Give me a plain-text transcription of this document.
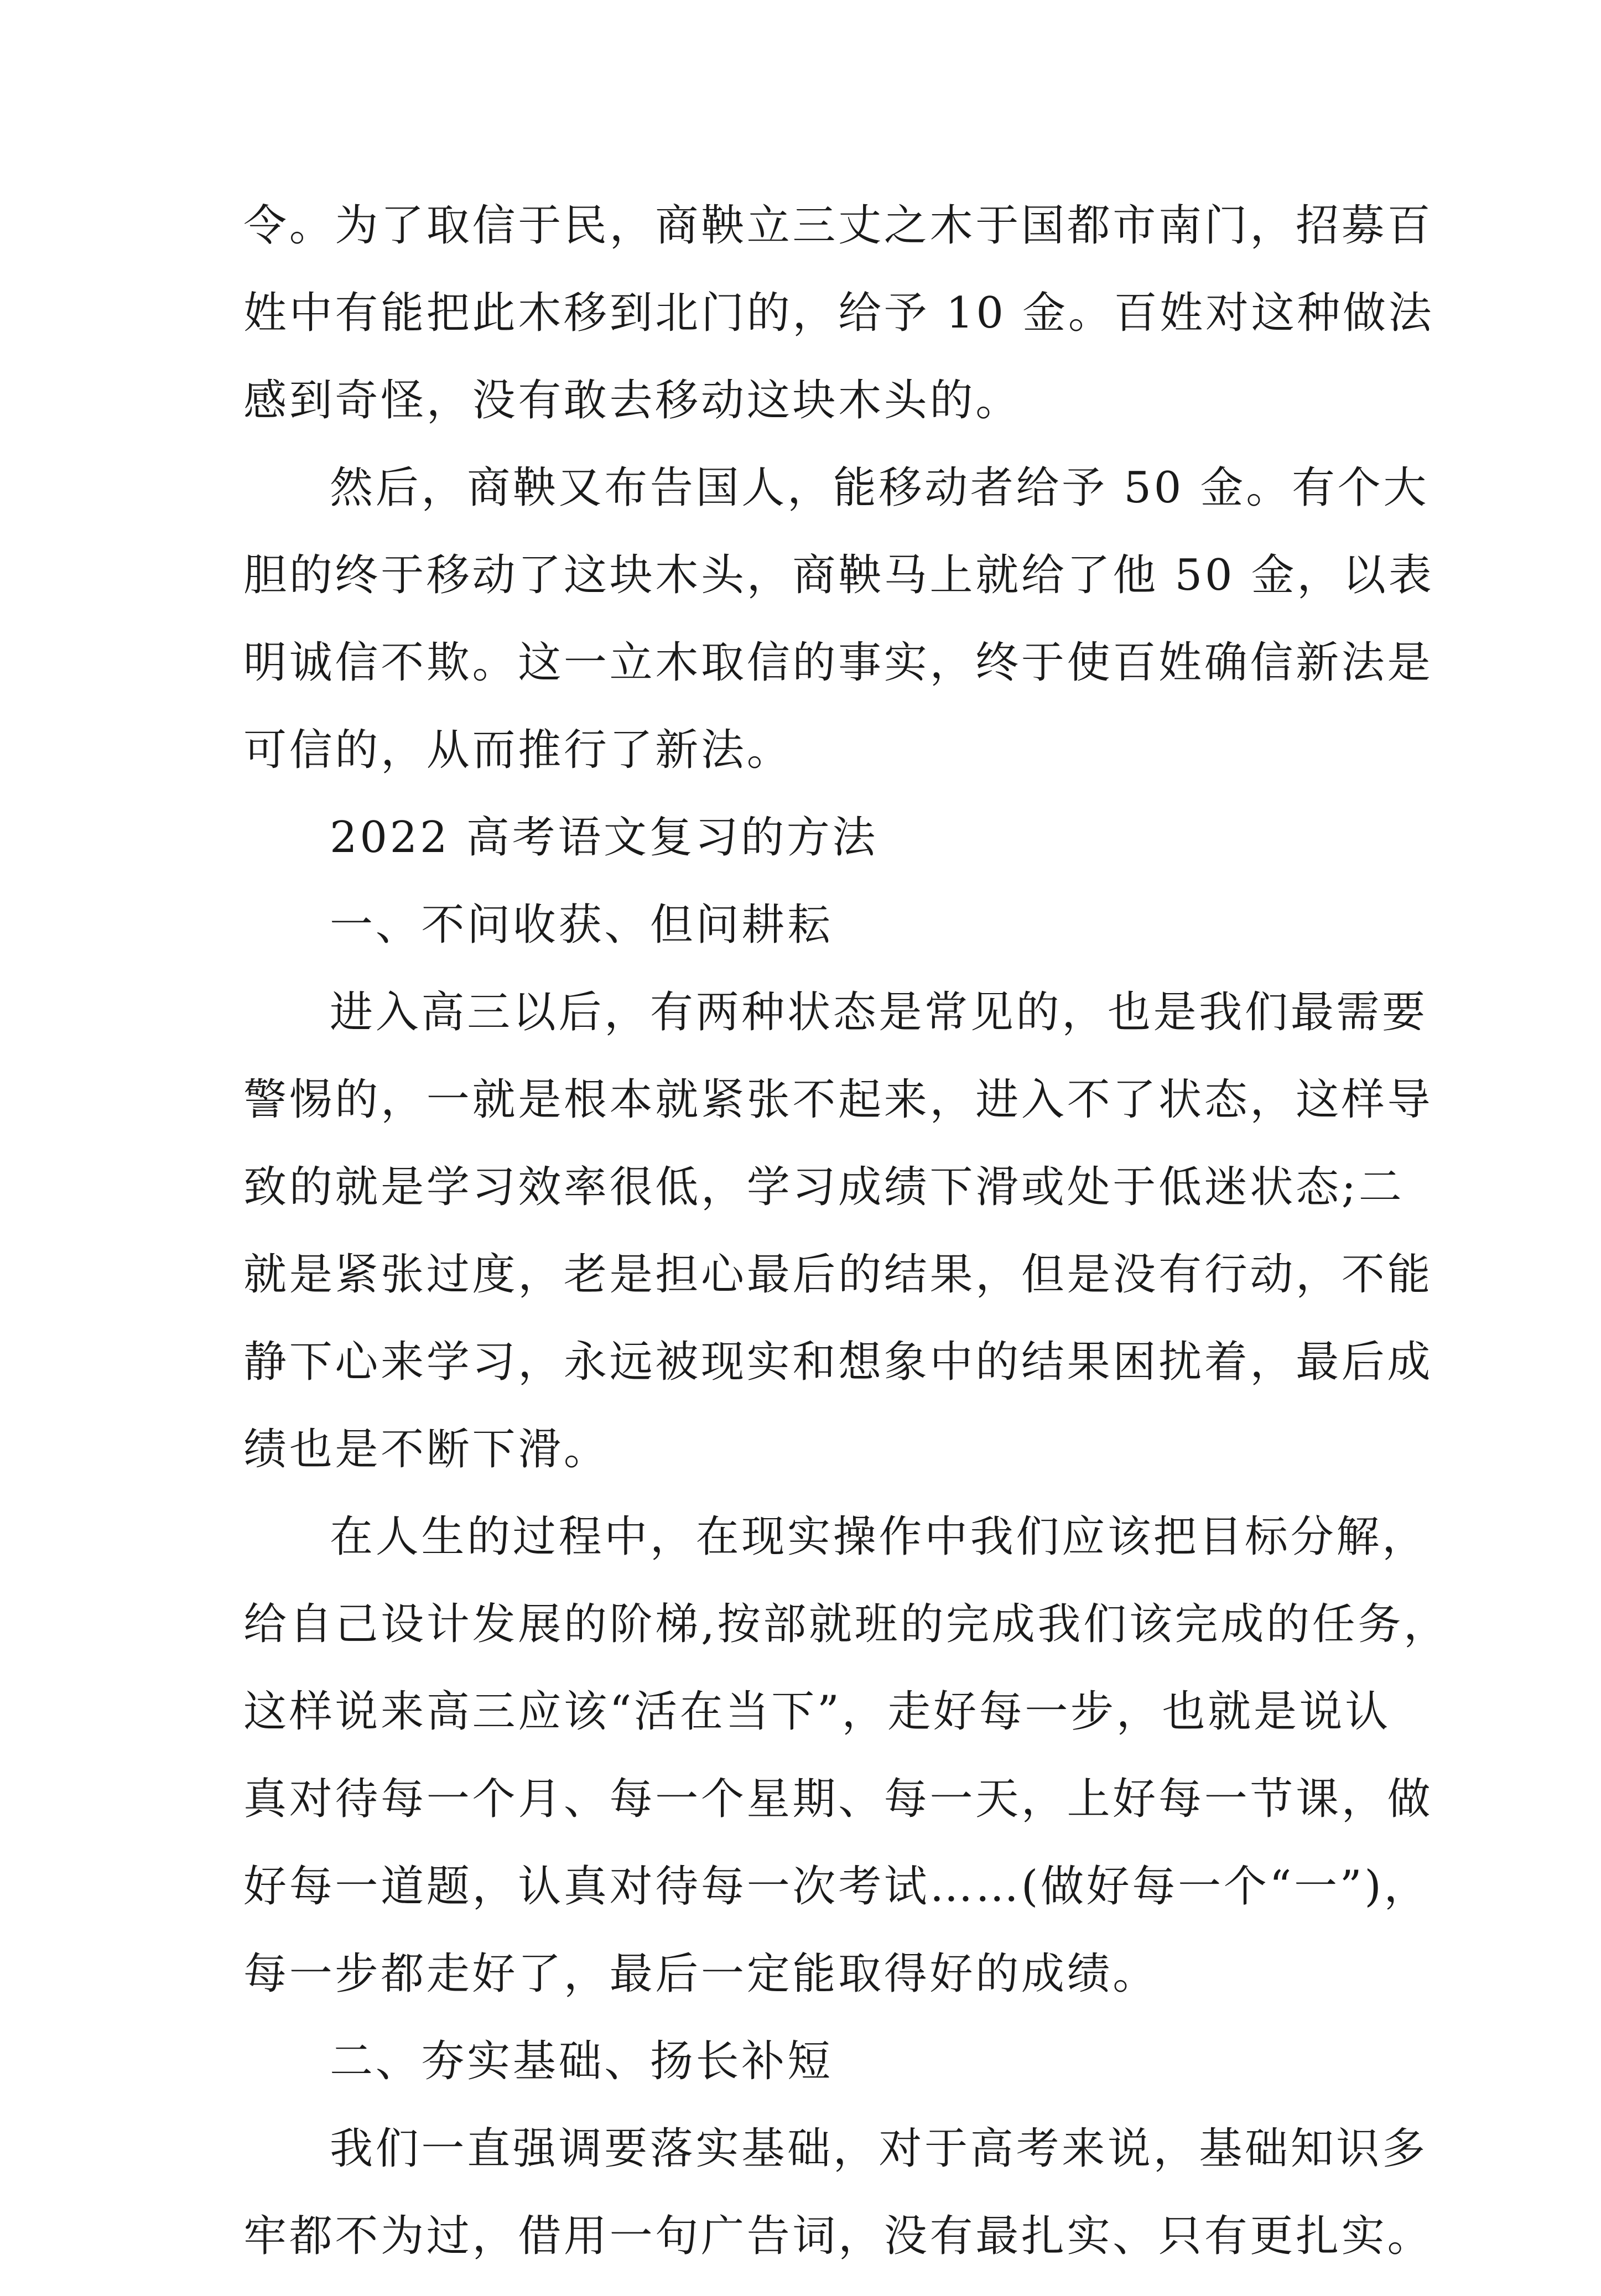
令。为了取信于民，商鞅立三丈之木于国都市南门，招募百
姓中有能把此木移到北门的，给予 10 金。百姓对这种做法
感到奇怪，没有敢去移动这块木头的。
然后，商鞅又布告国人，能移动者给予 50 金。有个大
胆的终于移动了这块木头，商鞅马上就给了他 50 金，以表
明诚信不欺。这一立木取信的事实，终于使百姓确信新法是
可信的，从而推行了新法。
2022 高考语文复习的方法
一、不问收获、但问耕耘
进入高三以后，有两种状态是常见的，也是我们最需要
警惕的，一就是根本就紧张不起来，进入不了状态，这样导
致的就是学习效率很低，学习成绩下滑或处于低迷状态;二
就是紧张过度，老是担心最后的结果，但是没有行动，不能
静下心来学习，永远被现实和想象中的结果困扰着，最后成
绩也是不断下滑。
在人生的过程中，在现实操作中我们应该把目标分解，
给自己设计发展的阶梯,按部就班的完成我们该完成的任务，
这样说来高三应该“活在当下”，走好每一步，也就是说认
真对待每一个月、每一个星期、每一天，上好每一节课，做
好每一道题，认真对待每一次考试……(做好每一个“一”)，
每一步都走好了，最后一定能取得好的成绩。
二、夯实基础、扬长补短
我们一直强调要落实基础，对于高考来说，基础知识多
牢都不为过，借用一句广告词，没有最扎实、只有更扎实。
